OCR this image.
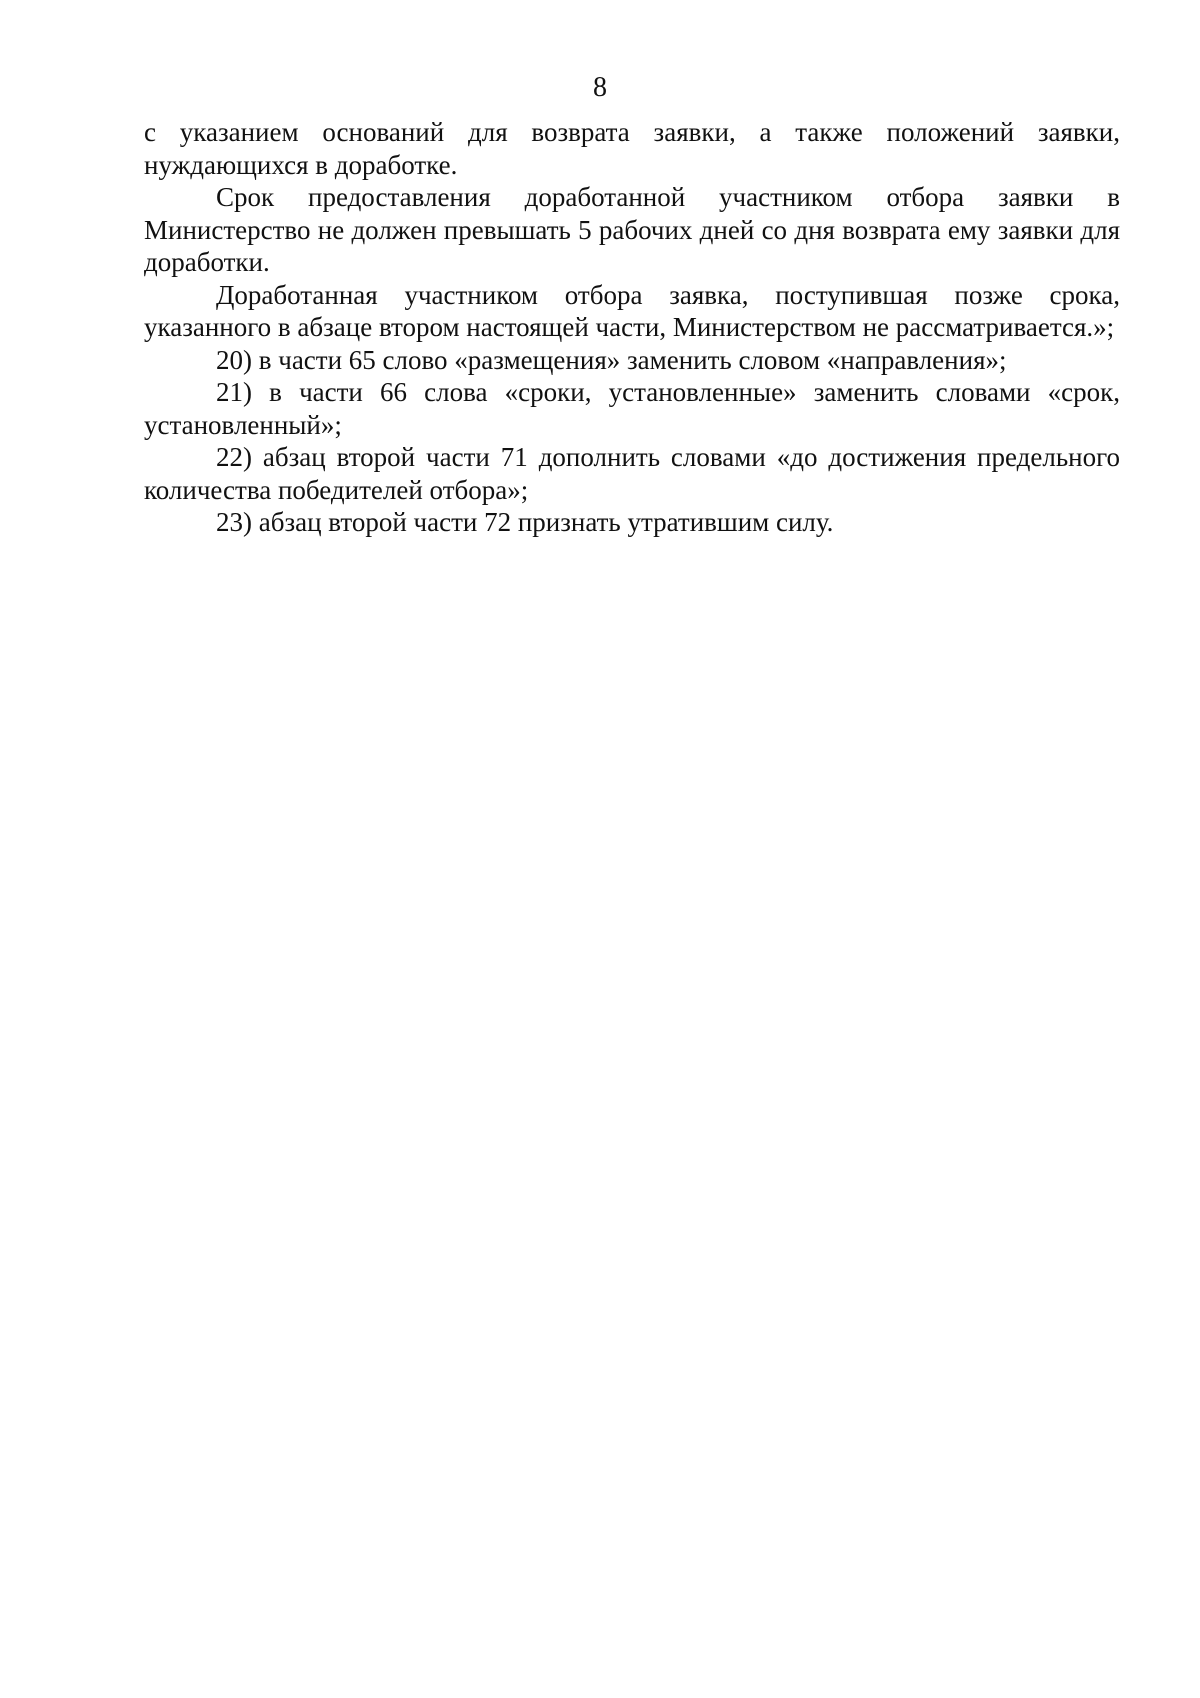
8

с указанием оснований для возврата заявки, а также положений заявки, нуждающихся в доработке.

Срок предоставления доработанной участником отбора заявки в Министерство не должен превышать 5 рабочих дней со дня возврата ему заявки для доработки.

Доработанная участником отбора заявка, поступившая позже срока, указанного в абзаце втором настоящей части, Министерством не рассматривается.»;

20) в части 65 слово «размещения» заменить словом «направления»;

21) в части 66 слова «сроки, установленные» заменить словами «срок, установленный»;

22) абзац второй части 71 дополнить словами «до достижения предельного количества победителей отбора»;

23) абзац второй части 72 признать утратившим силу.
